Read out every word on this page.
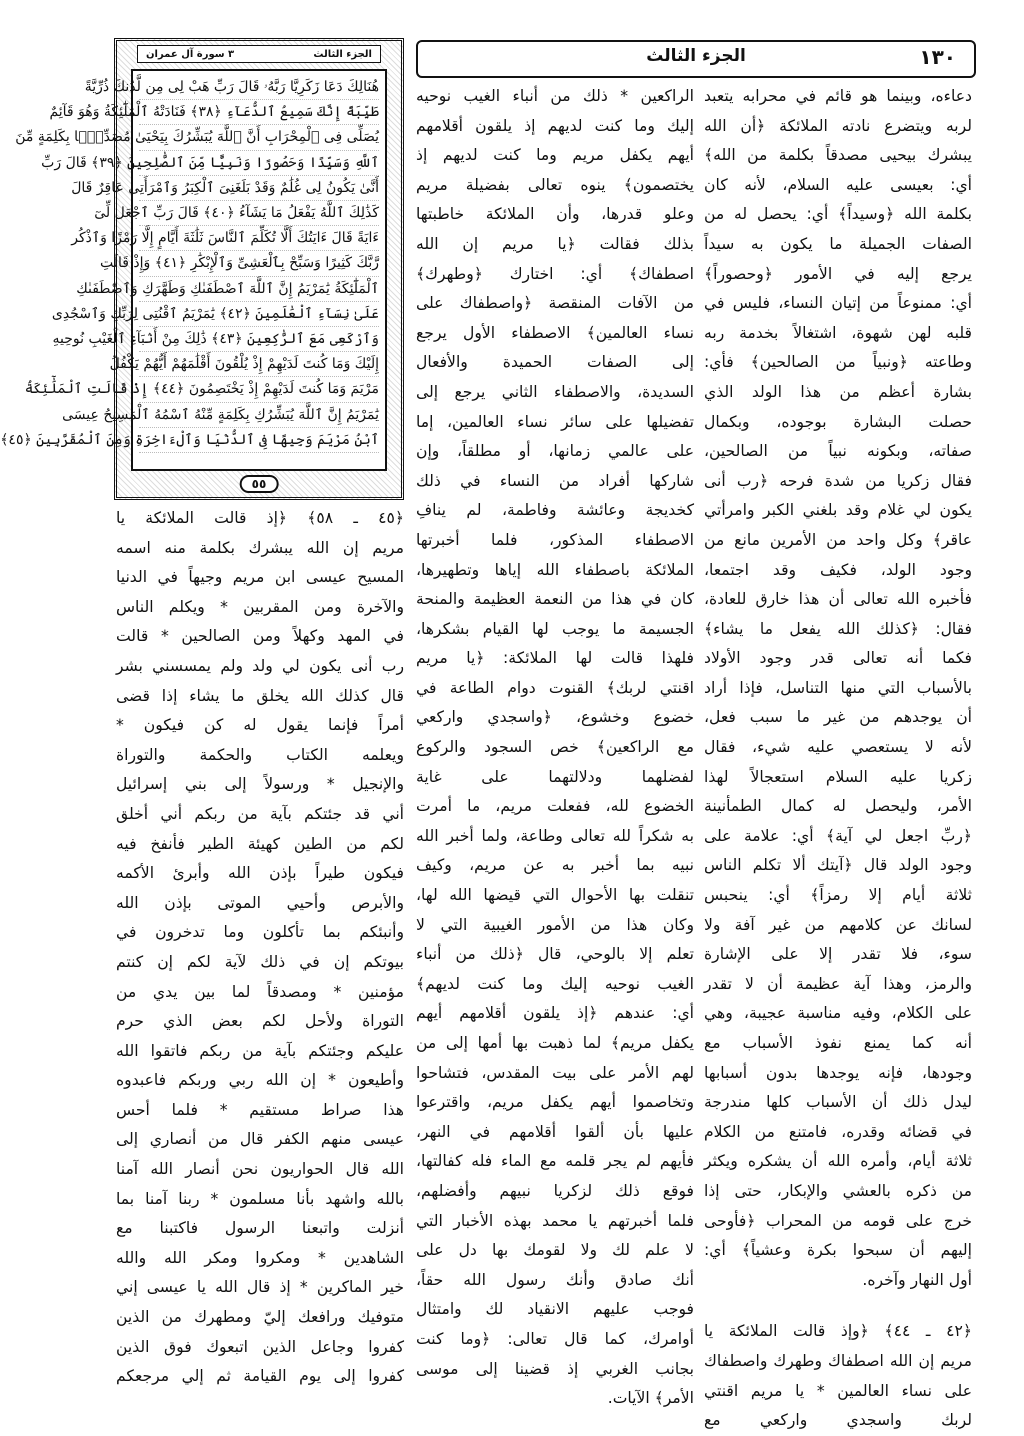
١٣٠
الجزء الثالث
الجزء الثالث
٣ سورة آل عمران
هُنَالِكَ دَعَا زَكَرِيَّا رَبَّهُۥ قَالَ رَبِّ هَبْ لِى مِن لَّدُنكَ ذُرِّيَّةً
طَيِّبَةً إِنَّكَ سَمِيعُ ٱلدُّعَآءِ ﴿٣٨﴾ فَنَادَتْهُ ٱلْمَلَٰٓئِكَةُ وَهُوَ قَآئِمٌ
يُصَلِّى فِى ٱلْمِحْرَابِ أَنَّ ٱللَّهَ يُبَشِّرُكَ بِيَحْيَىٰ مُصَدِّقًۢا بِكَلِمَةٍ مِّنَ
ٱللَّهِ وَسَيِّدًا وَحَصُورًا وَنَبِيًّا مِّنَ ٱلصَّٰلِحِينَ ﴿٣٩﴾ قَالَ رَبِّ
أَنَّىٰ يَكُونُ لِى غُلَٰمٌ وَقَدْ بَلَغَنِىَ ٱلْكِبَرُ وَٱمْرَأَتِى عَاقِرٌ قَالَ
كَذَٰلِكَ ٱللَّهُ يَفْعَلُ مَا يَشَآءُ ﴿٤٠﴾ قَالَ رَبِّ ٱجْعَل لِّىٓ
ءَايَةً قَالَ ءَايَتُكَ أَلَّا تُكَلِّمَ ٱلنَّاسَ ثَلَٰثَةَ أَيَّامٍ إِلَّا رَمْزًا وَٱذْكُر
رَّبَّكَ كَثِيرًا وَسَبِّحْ بِٱلْعَشِىِّ وَٱلْإِبْكَٰرِ ﴿٤١﴾ وَإِذْ قَالَتِ
ٱلْمَلَٰٓئِكَةُ يَٰمَرْيَمُ إِنَّ ٱللَّهَ ٱصْطَفَىٰكِ وَطَهَّرَكِ وَٱصْطَفَىٰكِ
عَلَىٰ نِسَآءِ ٱلْعَٰلَمِينَ ﴿٤٢﴾ يَٰمَرْيَمُ ٱقْنُتِى لِرَبِّكِ وَٱسْجُدِى
وَٱرْكَعِى مَعَ ٱلرَّٰكِعِينَ ﴿٤٣﴾ ذَٰلِكَ مِنْ أَنۢبَآءِ ٱلْغَيْبِ نُوحِيهِ
إِلَيْكَ وَمَا كُنتَ لَدَيْهِمْ إِذْ يُلْقُونَ أَقْلَٰمَهُمْ أَيُّهُمْ يَكْفُلُ
مَرْيَمَ وَمَا كُنتَ لَدَيْهِمْ إِذْ يَخْتَصِمُونَ ﴿٤٤﴾ إِذْ قَالَتِ ٱلْمَلَٰٓئِكَةُ
يَٰمَرْيَمُ إِنَّ ٱللَّهَ يُبَشِّرُكِ بِكَلِمَةٍ مِّنْهُ ٱسْمُهُ ٱلْمَسِيحُ عِيسَى
ٱبْنُ مَرْيَمَ وَجِيهًا فِى ٱلدُّنْيَا وَٱلْءَاخِرَةِ وَمِنَ ٱلْمُقَرَّبِينَ ﴿٤٥﴾
٥٥
دعاءه، وبينما هو قائم في محرابه يتعبد
لربه ويتضرع نادته الملائكة ﴿أن الله
يبشرك بيحيى مصدقاً بكلمة من الله﴾
أي: بعيسى عليه السلام، لأنه كان
بكلمة الله ﴿وسيداً﴾ أي: يحصل له من
الصفات الجميلة ما يكون به سيداً
يرجع إليه في الأمور ﴿وحصوراً﴾
أي: ممنوعاً من إتيان النساء، فليس في
قلبه لهن شهوة، اشتغالاً بخدمة ربه
وطاعته ﴿ونبياً من الصالحين﴾ فأي:
بشارة أعظم من هذا الولد الذي
حصلت البشارة بوجوده، وبكمال
صفاته، وبكونه نبياً من الصالحين،
فقال زكريا من شدة فرحه ﴿رب أنى
يكون لي غلام وقد بلغني الكبر وامرأتي
عاقر﴾ وكل واحد من الأمرين مانع من
وجود الولد، فكيف وقد اجتمعا،
فأخبره الله تعالى أن هذا خارق للعادة،
فقال: ﴿كذلك الله يفعل ما يشاء﴾
فكما أنه تعالى قدر وجود الأولاد
بالأسباب التي منها التناسل، فإذا أراد
أن يوجدهم من غير ما سبب فعل،
لأنه لا يستعصي عليه شيء، فقال
زكريا عليه السلام استعجالاً لهذا
الأمر، وليحصل له كمال الطمأنينة
﴿ربِّ اجعل لي آية﴾ أي: علامة على
وجود الولد قال ﴿آيتك ألا تكلم الناس
ثلاثة أيام إلا رمزاً﴾ أي: ينحبس
لسانك عن كلامهم من غير آفة ولا
سوء، فلا تقدر إلا على الإشارة
والرمز، وهذا آية عظيمة أن لا تقدر
على الكلام، وفيه مناسبة عجيبة، وهي
أنه كما يمنع نفوذ الأسباب مع
وجودها، فإنه يوجدها بدون أسبابها
ليدل ذلك أن الأسباب كلها مندرجة
في قضائه وقدره، فامتنع من الكلام
ثلاثة أيام، وأمره الله أن يشكره ويكثر
من ذكره بالعشي والإبكار، حتى إذا
خرج على قومه من المحراب ﴿فأوحى
إليهم أن سبحوا بكرة وعشياً﴾ أي:
أول النهار وآخره.
﴿٤٢ ـ ٤٤﴾ ﴿وإذ قالت الملائكة يا
مريم إن الله اصطفاك وطهرك واصطفاك
على نساء العالمين * يا مريم اقنتي
لربك واسجدي واركعي مع
الراكعين * ذلك من أنباء الغيب نوحيه
إليك وما كنت لديهم إذ يلقون أقلامهم
أيهم يكفل مريم وما كنت لديهم إذ
يختصمون﴾ ينوه تعالى بفضيلة مريم
وعلو قدرها، وأن الملائكة خاطبتها
بذلك فقالت ﴿يا مريم إن الله
اصطفاك﴾ أي: اختارك ﴿وطهرك﴾
من الآفات المنقصة ﴿واصطفاك على
نساء العالمين﴾ الاصطفاء الأول يرجع
إلى الصفات الحميدة والأفعال
السديدة، والاصطفاء الثاني يرجع إلى
تفضيلها على سائر نساء العالمين، إما
على عالمي زمانها، أو مطلقاً، وإن
شاركها أفراد من النساء في ذلك
كخديجة وعائشة وفاطمة، لم ينافِ
الاصطفاء المذكور، فلما أخبرتها
الملائكة باصطفاء الله إياها وتطهيرها،
كان في هذا من النعمة العظيمة والمنحة
الجسيمة ما يوجب لها القيام بشكرها،
فلهذا قالت لها الملائكة: ﴿يا مريم
اقنتي لربك﴾ القنوت دوام الطاعة في
خضوع وخشوع، ﴿واسجدي واركعي
مع الراكعين﴾ خص السجود والركوع
لفضلهما ودلالتهما على غاية
الخضوع لله، ففعلت مريم، ما أمرت
به شكراً لله تعالى وطاعة، ولما أخبر الله
نبيه بما أخبر به عن مريم، وكيف
تنقلت بها الأحوال التي قيضها الله لها،
وكان هذا من الأمور الغيبية التي لا
تعلم إلا بالوحي، قال ﴿ذلك من أنباء
الغيب نوحيه إليك وما كنت لديهم﴾
أي: عندهم ﴿إذ يلقون أقلامهم أيهم
يكفل مريم﴾ لما ذهبت بها أمها إلى من
لهم الأمر على بيت المقدس، فتشاحوا
وتخاصموا أيهم يكفل مريم، واقترعوا
عليها بأن ألقوا أقلامهم في النهر،
فأيهم لم يجر قلمه مع الماء فله كفالتها،
فوقع ذلك لزكريا نبيهم وأفضلهم،
فلما أخبرتهم يا محمد بهذه الأخبار التي
لا علم لك ولا لقومك بها دل على
أنك صادق وأنك رسول الله حقاً،
فوجب عليهم الانقياد لك وامتثال
أوامرك، كما قال تعالى: ﴿وما كنت
بجانب الغربي إذ قضينا إلى موسى
الأمر﴾ الآيات.
﴿٤٥ ـ ٥٨﴾ ﴿إذ قالت الملائكة يا
مريم إن الله يبشرك بكلمة منه اسمه
المسيح عيسى ابن مريم وجيهاً في الدنيا
والآخرة ومن المقربين * ويكلم الناس
في المهد وكهلاً ومن الصالحين * قالت
رب أنى يكون لي ولد ولم يمسسني بشر
قال كذلك الله يخلق ما يشاء إذا قضى
أمراً فإنما يقول له كن فيكون *
ويعلمه الكتاب والحكمة والتوراة
والإنجيل * ورسولاً إلى بني إسرائيل
أني قد جئتكم بآية من ربكم أني أخلق
لكم من الطين كهيئة الطير فأنفخ فيه
فيكون طيراً بإذن الله وأبرئ الأكمه
والأبرص وأحيي الموتى بإذن الله
وأنبئكم بما تأكلون وما تدخرون في
بيوتكم إن في ذلك لآية لكم إن كنتم
مؤمنين * ومصدقاً لما بين يدي من
التوراة ولأحل لكم بعض الذي حرم
عليكم وجئتكم بآية من ربكم فاتقوا الله
وأطيعون * إن الله ربي وربكم فاعبدوه
هذا صراط مستقيم * فلما أحس
عيسى منهم الكفر قال من أنصاري إلى
الله قال الحواريون نحن أنصار الله آمنا
بالله واشهد بأنا مسلمون * ربنا آمنا بما
أنزلت واتبعنا الرسول فاكتبنا مع
الشاهدين * ومكروا ومكر الله والله
خير الماكرين * إذ قال الله يا عيسى إني
متوفيك ورافعك إليّ ومطهرك من الذين
كفروا وجاعل الذين اتبعوك فوق الذين
كفروا إلى يوم القيامة ثم إلي مرجعكم
